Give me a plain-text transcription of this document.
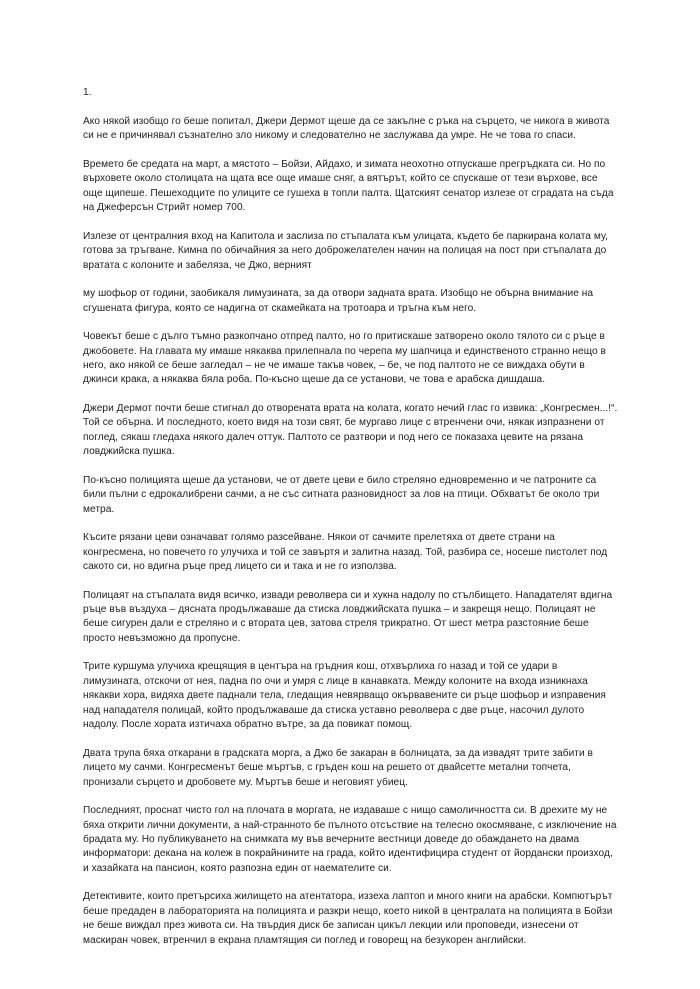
1.

Ако някой изобщо го беше попитал, Джери Дермот щеше да се закълне с ръка на сърцето, че никога в живота си не е причинявал съзнателно зло никому и следователно не заслужава да умре. Не че това го спаси.

Времето бе средата на март, а мястото – Бойзи, Айдахо, и зимата неохотно отпускаше прегръдката си. Но по върховете около столицата на щата все още имаше сняг, а вятърът, който се спускаше от тези върхове, все още щипеше. Пешеходците по улиците се гушеха в топли палта. Щатският сенатор излезе от сградата на съда на Джеферсън Стрийт номер 700.

Излезе от централния вход на Капитола и заслиза по стъпалата към улицата, където бе паркирана колата му, готова за тръгване. Кимна по обичайния за него доброжелателен начин на полицая на пост при стъпалата до вратата с колоните и забеляза, че Джо, верният

му шофьор от години, заобикаля лимузината, за да отвори задната врата. Изобщо не обърна внимание на сгушената фигура, която се надигна от скамейката на тротоара и тръгна към него.

Човекът беше с дълго тъмно разкопчано отпред палто, но го притискаше затворено около тялото си с ръце в джобовете. На главата му имаше някаква прилепнала по черепа му шапчица и единственото странно нещо в него, ако някой се беше загледал – не че имаше такъв човек, – бе, че под палтото не се виждаха обути в джинси крака, а някаква бяла роба. По-късно щеше да се установи, че това е арабска дишдаша.

Джери Дермот почти беше стигнал до отворената врата на колата, когато нечий глас го извика: „Конгресмен...!“. Той се обърна. И последното, което видя на този свят, бе мургаво лице с втренчени очи, някак изпразнени от поглед, сякаш гледаха някого далеч оттук. Палтото се разтвори и под него се показаха цевите на рязана ловджийска пушка.

По-късно полицията щеше да установи, че от двете цеви е било стреляно едновременно и че патроните са били пълни с едрокалибрени сачми, а не със ситната разновидност за лов на птици. Обхватът бе около три метра.

Късите рязани цеви означават голямо разсейване. Някои от сачмите прелетяха от двете страни на конгресмена, но повечето го улучиха и той се завъртя и залитна назад. Той, разбира се, носеше пистолет под сакото си, но вдигна ръце пред лицето си и така и не го използва.

Полицаят на стъпалата видя всичко, извади револвера си и хукна надолу по стълбището. Нападателят вдигна ръце във въздуха – дясната продължаваше да стиска ловджийската пушка – и закрещя нещо. Полицаят не беше сигурен дали е стреляно и с втората цев, затова стреля трикратно. От шест метра разстояние беше просто невъзможно да пропусне.

Трите куршума улучиха крещящия в центъра на гръдния кош, отхвърлиха го назад и той се удари в лимузината, отскочи от нея, падна по очи и умря с лице в канавката. Между колоните на входа изникнаха някакви хора, видяха двете паднали тела, гледащия невярващо окървавените си ръце шофьор и изправения над нападателя полицай, който продължаваше да стиска уставно револвера с две ръце, насочил дулото надолу. После хората изтичаха обратно вътре, за да повикат помощ.

Двата трупа бяха откарани в градската морга, а Джо бе закаран в болницата, за да извадят трите забити в лицето му сачми. Конгресменът беше мъртъв, с гръден кош на решето от двайсетте метални топчета, пронизали сърцето и дробовете му. Мъртъв беше и неговият убиец.

Последният, проснат чисто гол на плочата в моргата, не издаваше с нищо самоличността си. В дрехите му не бяха открити лични документи, а най-странното бе пълното отсъствие на телесно окосмяване, с изключение на брадата му. Но публикуването на снимката му във вечерните вестници доведе до обаждането на двама информатори: декана на колеж в покрайнините на града, който идентифицира студент от йордански произход, и хазайката на пансион, която разпозна един от наемателите си.

Детективите, които претърсиха жилището на атентатора, иззеха лаптоп и много книги на арабски. Компютърът беше предаден в лабораторията на полицията и разкри нещо, което никой в централата на полицията в Бойзи не беше виждал през живота си. На твърдия диск бе записан цикъл лекции или проповеди, изнесени от маскиран човек, втренчил в екрана пламтящия си поглед и говорещ на безукорен английски.
